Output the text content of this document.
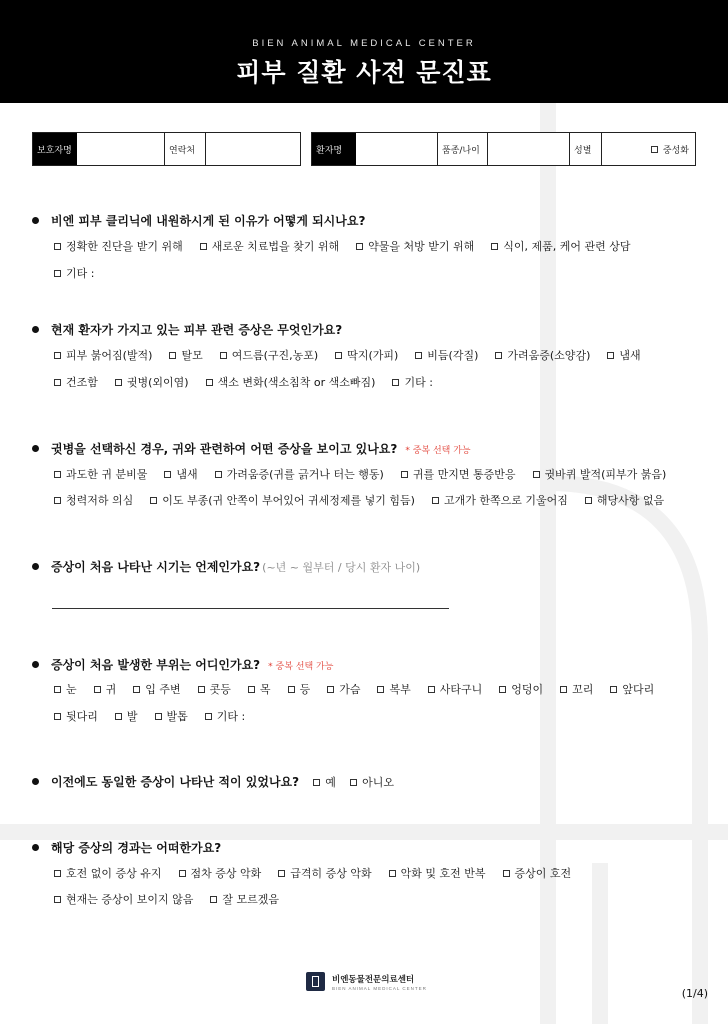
BIEN ANIMAL MEDICAL CENTER
피부 질환 사전 문진표
보호자명	연락처	환자명	품종/나이	성별	중성화
비엔 피부 클리닉에 내원하시게 된 이유가 어떻게 되시나요?
정확한 진단을 받기 위해	새로운 치료법을 찾기 위해	약물을 처방 받기 위해	식이, 제품, 케어 관련 상담
기타 :
현재 환자가 가지고 있는 피부 관련 증상은 무엇인가요?
피부 붉어짐(발적)	탈모	여드름(구진,농포)	딱지(가피)	비듬(각질)	가려움증(소양감)	냄새
건조함	귓병(외이염)	색소 변화(색소침착 or 색소빠짐)	기타 :
귓병을 선택하신 경우, 귀와 관련하여 어떤 증상을 보이고 있나요? * 중복 선택 가능
과도한 귀 분비물	냄새	가려움증(귀를 긁거나 터는 행동)	귀를 만지면 통증반응	귓바퀴 발적(피부가 붉음)
청력저하 의심	이도 부종(귀 안쪽이 부어있어 귀세정제를 넣기 힘듬)	고개가 한쪽으로 기울어짐	해당사항 없음
증상이 처음 나타난 시기는 언제인가요? (~년 ~ 월부터 / 당시 환자 나이)
증상이 처음 발생한 부위는 어디인가요? * 중복 선택 가능
눈	귀	입 주변	콧등	목	등	가슴	복부	사타구니	엉덩이	꼬리	앞다리
뒷다리	발	발톱	기타 :
이전에도 동일한 증상이 나타난 적이 있었나요? 예 아니오
해당 증상의 경과는 어떠한가요?
호전 없이 증상 유지	점차 증상 악화	급격히 증상 악화	악화 및 호전 반복	증상이 호전
현재는 증상이 보이지 않음	잘 모르겠음
비엔동물전문의료센터
BIEN ANIMAL MEDICAL CENTER	(1/4)
